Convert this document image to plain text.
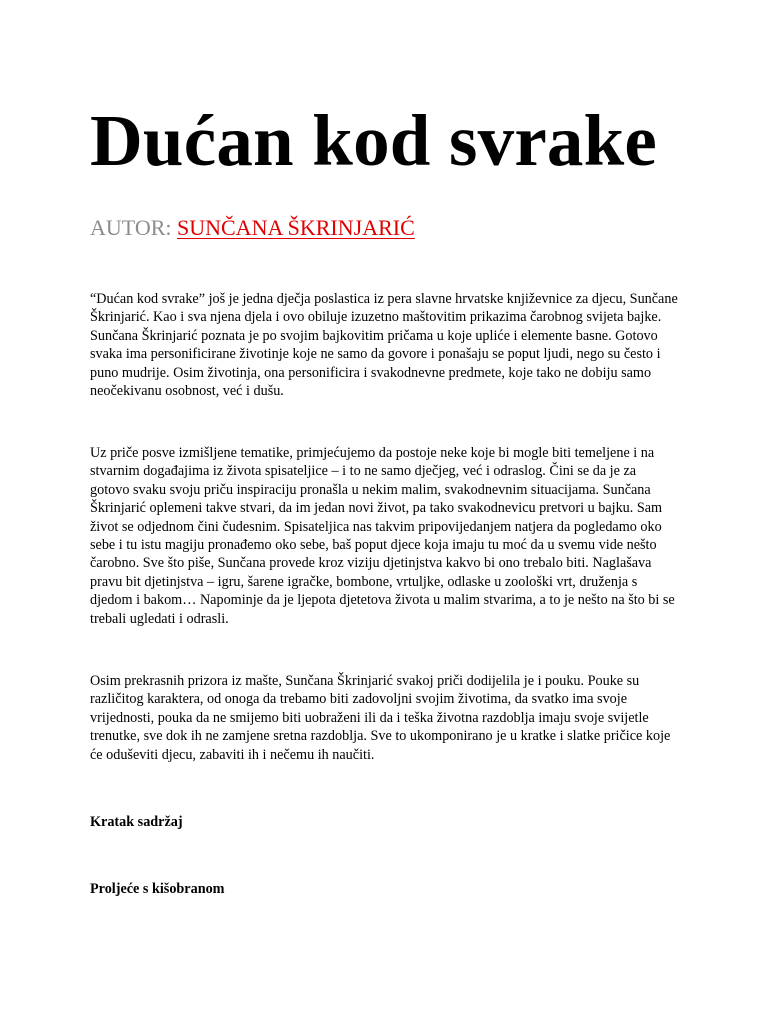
Dućan kod svrake

AUTOR: SUNČANA ŠKRINJARIĆ

“Dućan kod svrake” još je jedna dječja poslastica iz pera slavne hrvatske književnice za djecu, Sunčane Škrinjarić. Kao i sva njena djela i ovo obiluje izuzetno maštovitim prikazima čarobnog svijeta bajke. Sunčana Škrinjarić poznata je po svojim bajkovitim pričama u koje upliće i elemente basne. Gotovo svaka ima personificirane životinje koje ne samo da govore i ponašaju se poput ljudi, nego su često i puno mudrije. Osim životinja, ona personificira i svakodnevne predmete, koje tako ne dobiju samo neočekivanu osobnost, već i dušu.

Uz priče posve izmišljene tematike, primjećujemo da postoje neke koje bi mogle biti temeljene i na stvarnim događajima iz života spisateljice – i to ne samo dječjeg, već i odraslog. Čini se da je za gotovo svaku svoju priču inspiraciju pronašla u nekim malim, svakodnevnim situacijama. Sunčana Škrinjarić oplemeni takve stvari, da im jedan novi život, pa tako svakodnevicu pretvori u bajku. Sam život se odjednom čini čudesnim. Spisateljica nas takvim pripovijedanjem natjera da pogledamo oko sebe i tu istu magiju pronađemo oko sebe, baš poput djece koja imaju tu moć da u svemu vide nešto čarobno. Sve što piše, Sunčana provede kroz viziju djetinjstva kakvo bi ono trebalo biti. Naglašava pravu bit djetinjstva – igru, šarene igračke, bombone, vrtuljke, odlaske u zoološki vrt, druženja s djedom i bakom… Napominje da je ljepota djetetova života u malim stvarima, a to je nešto na što bi se trebali ugledati i odrasli.

Osim prekrasnih prizora iz mašte, Sunčana Škrinjarić svakoj priči dodijelila je i pouku. Pouke su različitog karaktera, od onoga da trebamo biti zadovoljni svojim životima, da svatko ima svoje vrijednosti, pouka da ne smijemo biti uobraženi ili da i teška životna razdoblja imaju svoje svijetle trenutke, sve dok ih ne zamjene sretna razdoblja. Sve to ukomponirano je u kratke i slatke pričice koje će oduševiti djecu, zabaviti ih i nečemu ih naučiti.

Kratak sadržaj

Proljeće s kišobranom
